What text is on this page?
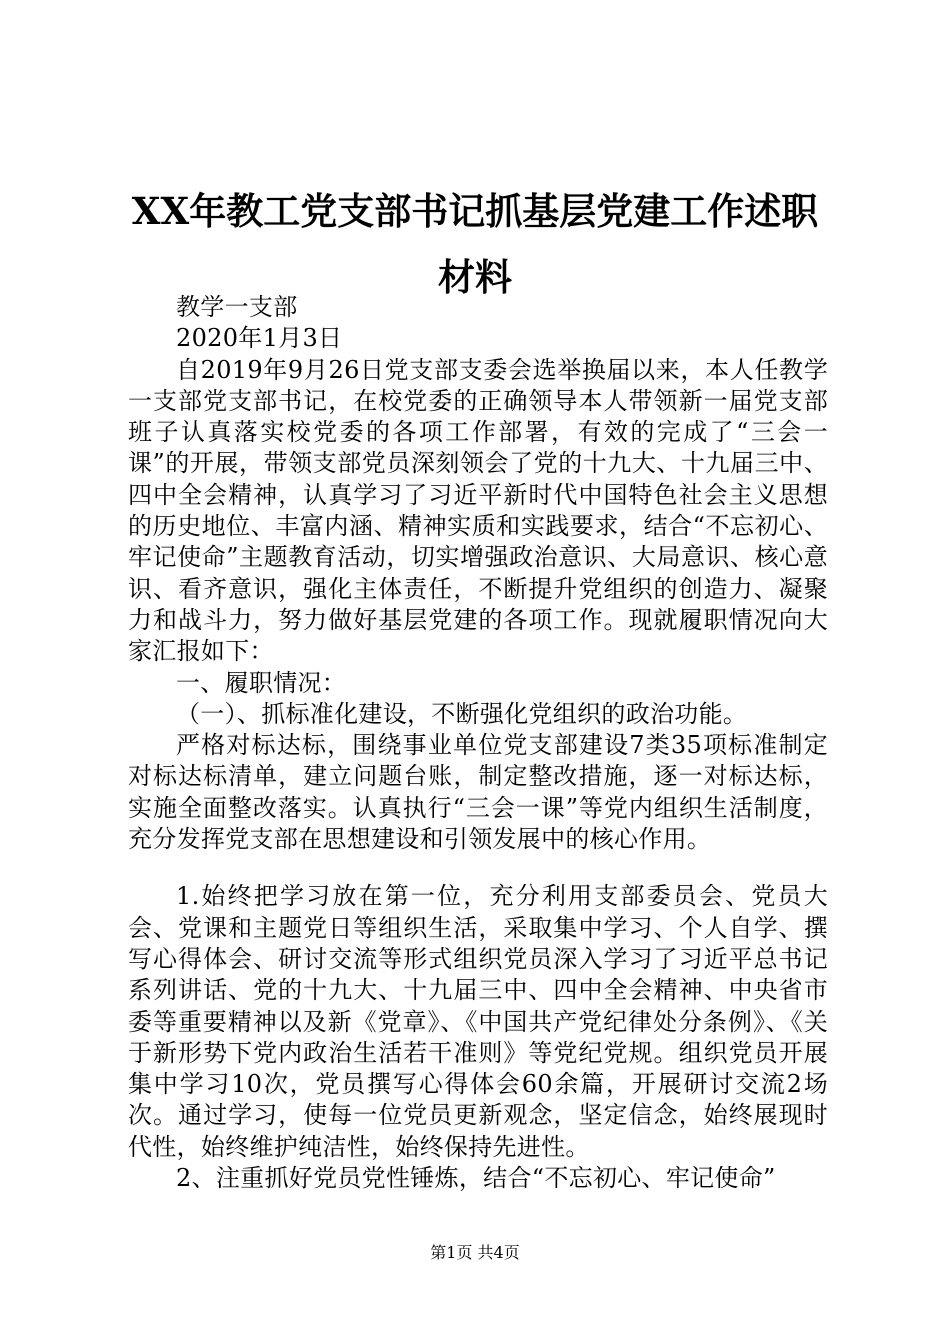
XX年教工党支部书记抓基层党建工作述职材料

教学一支部

2020年1月3日

自2019年9月26日党支部支委会选举换届以来，本人任教学一支部党支部书记，在校党委的正确领导本人带领新一届党支部班子认真落实校党委的各项工作部署，有效的完成了“三会一课”的开展，带领支部党员深刻领会了党的十九大、十九届三中、四中全会精神，认真学习了习近平新时代中国特色社会主义思想的历史地位、丰富内涵、精神实质和实践要求，结合“不忘初心、牢记使命”主题教育活动，切实增强政治意识、大局意识、核心意识、看齐意识，强化主体责任，不断提升党组织的创造力、凝聚力和战斗力，努力做好基层党建的各项工作。现就履职情况向大家汇报如下：

一、履职情况：

（一）、抓标准化建设，不断强化党组织的政治功能。

严格对标达标，围绕事业单位党支部建设7类35项标准制定对标达标清单，建立问题台账，制定整改措施，逐一对标达标，实施全面整改落实。认真执行“三会一课”等党内组织生活制度，充分发挥党支部在思想建设和引领发展中的核心作用。

1.始终把学习放在第一位，充分利用支部委员会、党员大会、党课和主题党日等组织生活，采取集中学习、个人自学、撰写心得体会、研讨交流等形式组织党员深入学习了习近平总书记系列讲话、党的十九大、十九届三中、四中全会精神、中央省市委等重要精神以及新《党章》、《中国共产党纪律处分条例》、《关于新形势下党内政治生活若干准则》等党纪党规。组织党员开展集中学习10次，党员撰写心得体会60余篇，开展研讨交流2场次。通过学习，使每一位党员更新观念，坚定信念，始终展现时代性，始终维护纯洁性，始终保持先进性。

2、注重抓好党员党性锤炼，结合“不忘初心、牢记使命”

第1页 共4页
